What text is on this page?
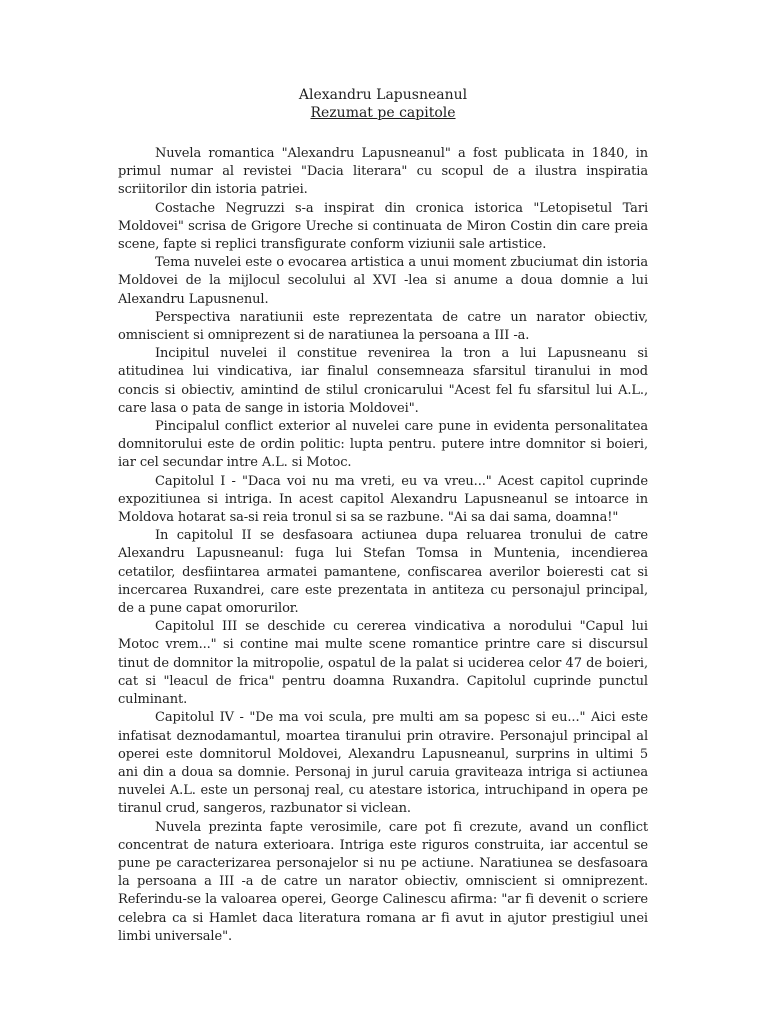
Alexandru Lapusneanul

Rezumat pe capitole

Nuvela romantica "Alexandru Lapusneanul" a fost publicata in 1840, in primul numar al revistei "Dacia literara" cu scopul de a ilustra inspiratia scriitorilor din istoria patriei.

Costache Negruzzi s-a inspirat din cronica istorica "Letopisetul Tari Moldovei" scrisa de Grigore Ureche si continuata de Miron Costin din care preia scene, fapte si replici transfigurate conform viziunii sale artistice.

Tema nuvelei este o evocarea artistica a unui moment zbuciumat din istoria Moldovei de la mijlocul secolului al XVI -lea si anume a doua domnie a lui Alexandru Lapusnenul.

Perspectiva naratiunii este reprezentata de catre un narator obiectiv, omniscient si omniprezent si de naratiunea la persoana a III -a.

Incipitul nuvelei il constitue revenirea la tron a lui Lapusneanu si atitudinea lui vindicativa, iar finalul consemneaza sfarsitul tiranului in mod concis si obiectiv, amintind de stilul cronicarului "Acest fel fu sfarsitul lui A.L., care lasa o pata de sange in istoria Moldovei".

Pincipalul conflict exterior al nuvelei care pune in evidenta personalitatea domnitorului este de ordin politic: lupta pentru. putere intre domnitor si boieri, iar cel secundar intre A.L. si Motoc.

Capitolul I - "Daca voi nu ma vreti, eu va vreu..." Acest capitol cuprinde expozitiunea si intriga. In acest capitol Alexandru Lapusneanul se intoarce in Moldova hotarat sa-si reia tronul si sa se razbune. "Ai sa dai sama, doamna!"

In capitolul II se desfasoara actiunea dupa reluarea tronului de catre Alexandru Lapusneanul: fuga lui Stefan Tomsa in Muntenia, incendierea cetatilor, desfiintarea armatei pamantene, confiscarea averilor boieresti cat si incercarea Ruxandrei, care este prezentata in antiteza cu personajul principal, de a pune capat omorurilor.

Capitolul III se deschide cu cererea vindicativa a norodului "Capul lui Motoc vrem..." si contine mai multe scene romantice printre care si discursul tinut de domnitor la mitropolie, ospatul de la palat si uciderea celor 47 de boieri, cat si "leacul de frica" pentru doamna Ruxandra. Capitolul cuprinde punctul culminant.

Capitolul IV - "De ma voi scula, pre multi am sa popesc si eu..." Aici este infatisat deznodamantul, moartea tiranului prin otravire. Personajul principal al operei este domnitorul Moldovei, Alexandru Lapusneanul, surprins in ultimi 5 ani din a doua sa domnie. Personaj in jurul caruia graviteaza intriga si actiunea nuvelei A.L. este un personaj real, cu atestare istorica, intruchipand in opera pe tiranul crud, sangeros, razbunator si viclean.

Nuvela prezinta fapte verosimile, care pot fi crezute, avand un conflict concentrat de natura exterioara. Intriga este riguros construita, iar accentul se pune pe caracterizarea personajelor si nu pe actiune. Naratiunea se desfasoara la persoana a III -a de catre un narator obiectiv, omniscient si omniprezent. Referindu-se la valoarea operei, George Calinescu afirma: "ar fi devenit o scriere celebra ca si Hamlet daca literatura romana ar fi avut in ajutor prestigiul unei limbi universale".
